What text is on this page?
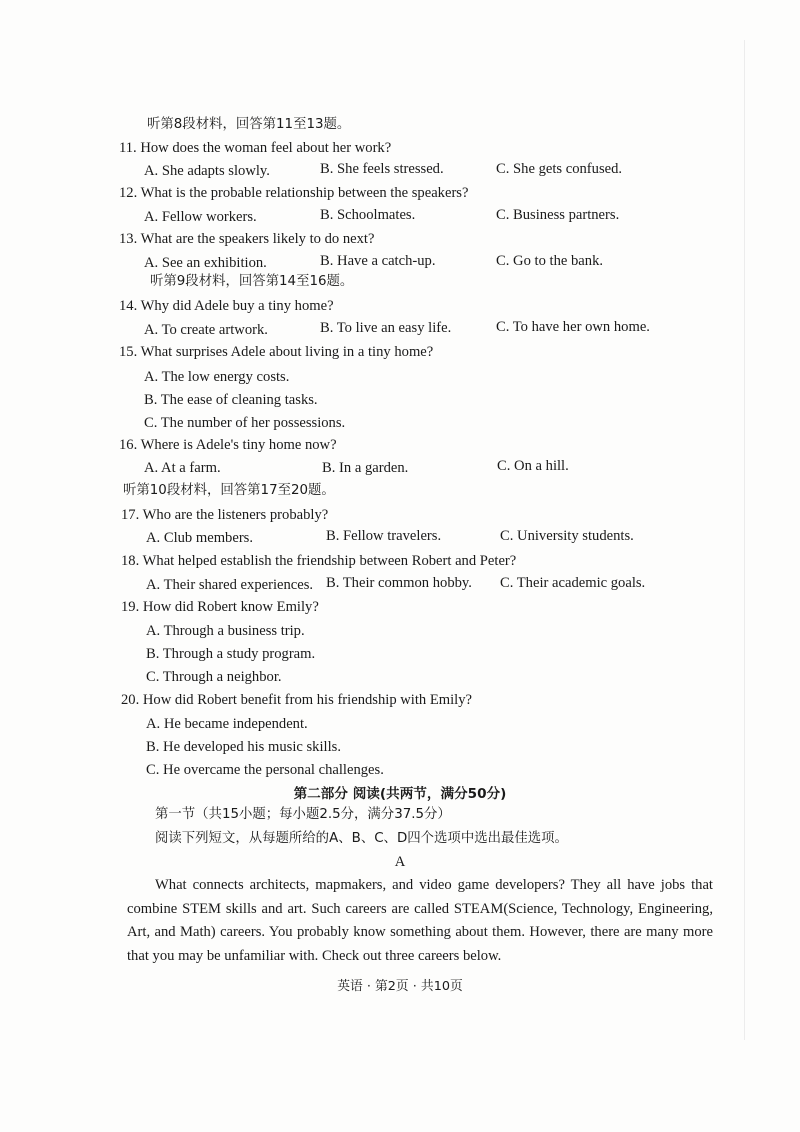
听第8段材料，回答第11至13题。
11. How does the woman feel about her work?
A. She adapts slowly.	B. She feels stressed.	C. She gets confused.
12. What is the probable relationship between the speakers?
A. Fellow workers.	B. Schoolmates.	C. Business partners.
13. What are the speakers likely to do next?
A. See an exhibition.	B. Have a catch-up.	C. Go to the bank.
听第9段材料，回答第14至16题。
14. Why did Adele buy a tiny home?
A. To create artwork.	B. To live an easy life.	C. To have her own home.
15. What surprises Adele about living in a tiny home?
A. The low energy costs.
B. The ease of cleaning tasks.
C. The number of her possessions.
16. Where is Adele's tiny home now?
A. At a farm.	B. In a garden.	C. On a hill.
听第10段材料，回答第17至20题。
17. Who are the listeners probably?
A. Club members.	B. Fellow travelers.	C. University students.
18. What helped establish the friendship between Robert and Peter?
A. Their shared experiences. B. Their common hobby. C. Their academic goals.
19. How did Robert know Emily?
A. Through a business trip.
B. Through a study program.
C. Through a neighbor.
20. How did Robert benefit from his friendship with Emily?
A. He became independent.
B. He developed his music skills.
C. He overcame the personal challenges.
第二部分 阅读(共两节，满分50分)
第一节（共15小题；每小题2.5分，满分37.5分）
阅读下列短文，从每题所给的A、B、C、D四个选项中选出最佳选项。
A
What connects architects, mapmakers, and video game developers? They all have jobs that combine STEM skills and art. Such careers are called STEAM(Science, Technology, Engineering, Art, and Math) careers. You probably know something about them. However, there are many more that you may be unfamiliar with. Check out three careers below.
英语 · 第2页 · 共10页
